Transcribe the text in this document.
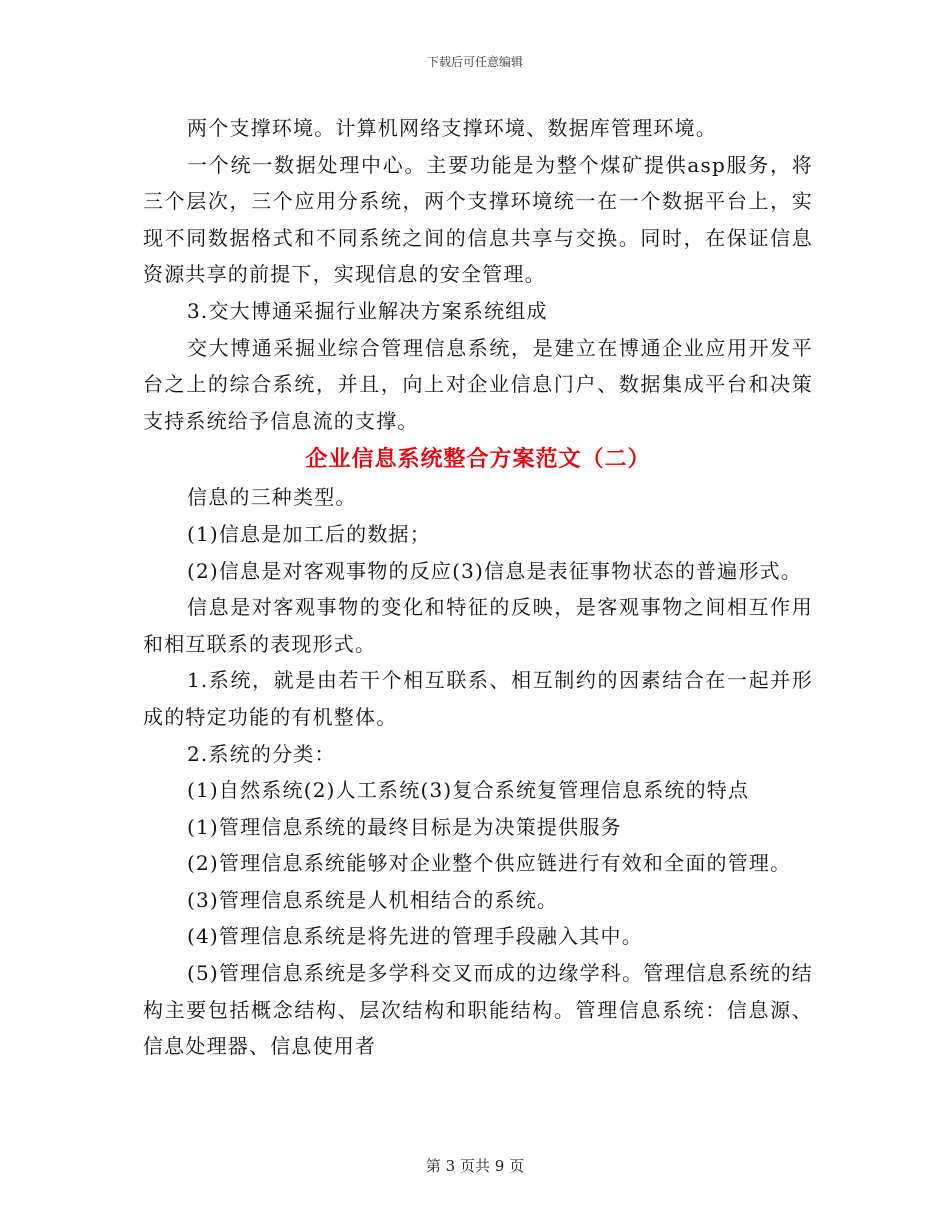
下载后可任意编辑

两个支撑环境。计算机网络支撑环境、数据库管理环境。

一个统一数据处理中心。主要功能是为整个煤矿提供asp服务，将三个层次，三个应用分系统，两个支撑环境统一在一个数据平台上，实现不同数据格式和不同系统之间的信息共享与交换。同时，在保证信息资源共享的前提下，实现信息的安全管理。

3.交大博通采掘行业解决方案系统组成

交大博通采掘业综合管理信息系统，是建立在博通企业应用开发平台之上的综合系统，并且，向上对企业信息门户、数据集成平台和决策支持系统给予信息流的支撑。

企业信息系统整合方案范文（二）

信息的三种类型。

(1)信息是加工后的数据；

(2)信息是对客观事物的反应(3)信息是表征事物状态的普遍形式。

信息是对客观事物的变化和特征的反映，是客观事物之间相互作用和相互联系的表现形式。

1.系统，就是由若干个相互联系、相互制约的因素结合在一起并形成的特定功能的有机整体。

2.系统的分类：

(1)自然系统(2)人工系统(3)复合系统复管理信息系统的特点

(1)管理信息系统的最终目标是为决策提供服务

(2)管理信息系统能够对企业整个供应链进行有效和全面的管理。

(3)管理信息系统是人机相结合的系统。

(4)管理信息系统是将先进的管理手段融入其中。

(5)管理信息系统是多学科交叉而成的边缘学科。管理信息系统的结构主要包括概念结构、层次结构和职能结构。管理信息系统：信息源、信息处理器、信息使用者

第 3 页共 9 页
